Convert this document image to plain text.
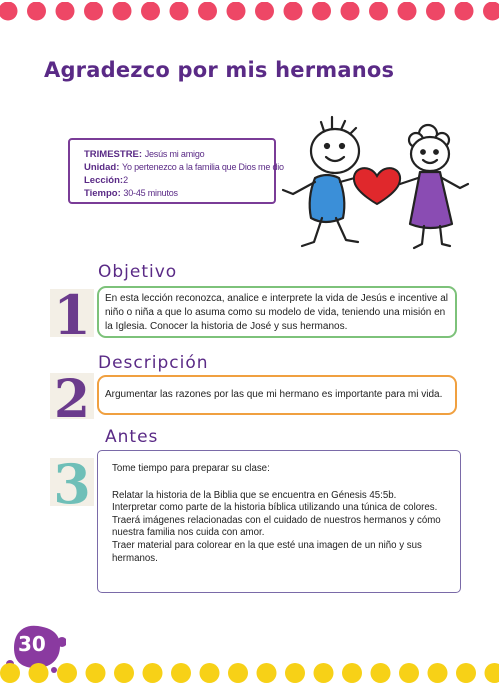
Agradezco por mis hermanos
TRIMESTRE: Jesús mi amigo
Unidad: Yo pertenezco a la familia que Dios me dio
Lección:2
Tiempo: 30-45 minutos
1
Objetivo
En esta lección reconozca, analice e interprete la vida de Jesús e incentive al niño o niña a que lo asuma como su modelo de vida, teniendo una misión en la Iglesia. Conocer la historia de José y sus hermanos.
2
Descripción
Argumentar las razones por las que mi hermano es importante para mi vida.
3
Antes

Tome tiempo para preparar su clase:

Relatar la historia de la Biblia que se encuentra en Génesis 45:5b.

Interpretar como parte de la historia bíblica utilizando una túnica de colores.

Traerá imágenes relacionadas con el cuidado de nuestros hermanos y cómo nuestra familia nos cuida con amor.

Traer material para colorear en la que esté una imagen de un niño y sus hermanos.

30
